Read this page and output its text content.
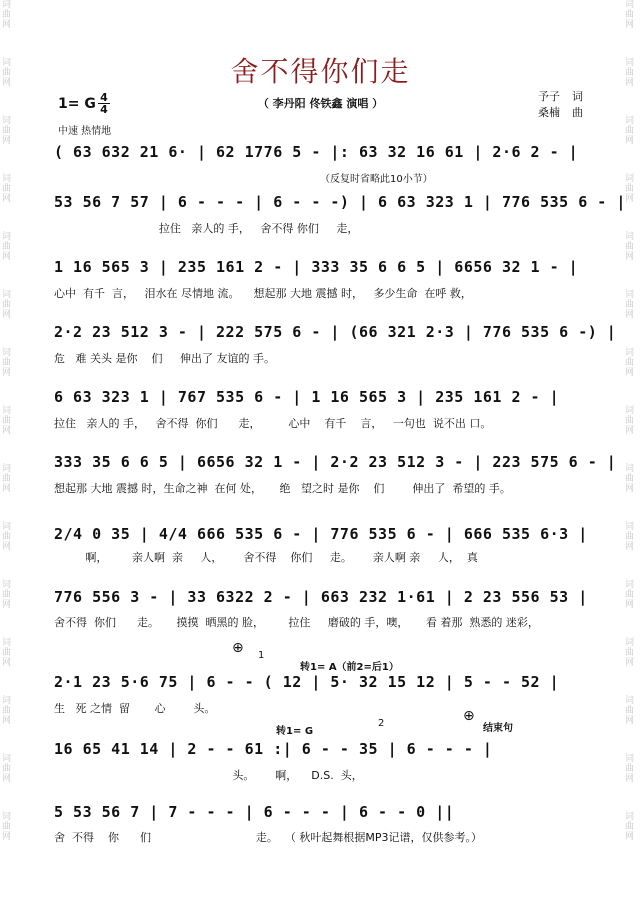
词曲网
词曲网
词曲网
词曲网
词曲网
词曲网
词曲网
词曲网
词曲网
词曲网
词曲网
词曲网
词曲网
词曲网
词曲网
词曲网
词曲网
词曲网
词曲网
词曲网
词曲网
词曲网
词曲网
词曲网
词曲网
词曲网
词曲网
词曲网
词曲网
词曲网
舍不得你们走
（ 李丹阳 佟铁鑫 演唱 ）
予子 词
桑楠 曲
1= G 4
4
中速 热情地
( 63 632 21 6· | 62 1776 5 - |: 63 32 16 61 | 2·6 2 - |
（反复时省略此10小节）
53 56 7 57 | 6 - - - | 6 - - -) | 6 63 323 1 | 776 535 6 - |
拉住   亲人的 手，   舍不得 你们     走，
1 16 565 3 | 235 161 2 - | 333 35 6 6 5 | 6656 32 1 - |
心中  有千  言，   泪水在 尽情地 流。    想起那 大地 震撼 时，   多少生命  在呼 救，
2·2 23 512 3 - | 222 575 6 - | (66 321 2·3 | 776 535 6 -) |
危   难 关头 是你    们     伸出了 友谊的 手。
6 63 323 1 | 767 535 6 - | 1 16 565 3 | 235 161 2 - |
拉住   亲人的 手，   舍不得  你们      走，        心中    有千    言，   一句也  说不出 口。
333 35 6 6 5 | 6656 32 1 - | 2·2 23 512 3 - | 223 575 6 - |
想起那 大地 震撼 时，生命之神  在何 处，     绝   望之时 是你    们        伸出了  希望的 手。
2/4 0 35 | 4/4 666 535 6 - | 776 535 6 - | 666 535 6·3 |
啊，       亲人啊  亲     人，      舍不得    你们     走。      亲人啊 亲     人，  真
776 556 3 - | 33 6322 2 - | 663 232 1·61 | 2 23 556 53 |
舍不得  你们      走。     摸摸  晒黑的 脸，       拉住     磨破的 手，噢，     看 着那  熟悉的 迷彩，
⊕ 1
转1= A（前2=后1）
2·1 23 5·6 75 | 6 - - ( 12 | 5· 32 15 12 | 5 - - 52 |
生   死 之情  留       心        头。
转1= G
2	⊕
结束句
16 65 41 14 | 2 - - 61 :| 6 - - 35 | 6 - - - |
头。      啊，    D.S.  头，
5 53 56 7 | 7 - - - | 6 - - - | 6 - - 0 ||
舍  不得    你      们                              走。  （ 秋叶起舞根据MP3记谱，仅供参考。）
